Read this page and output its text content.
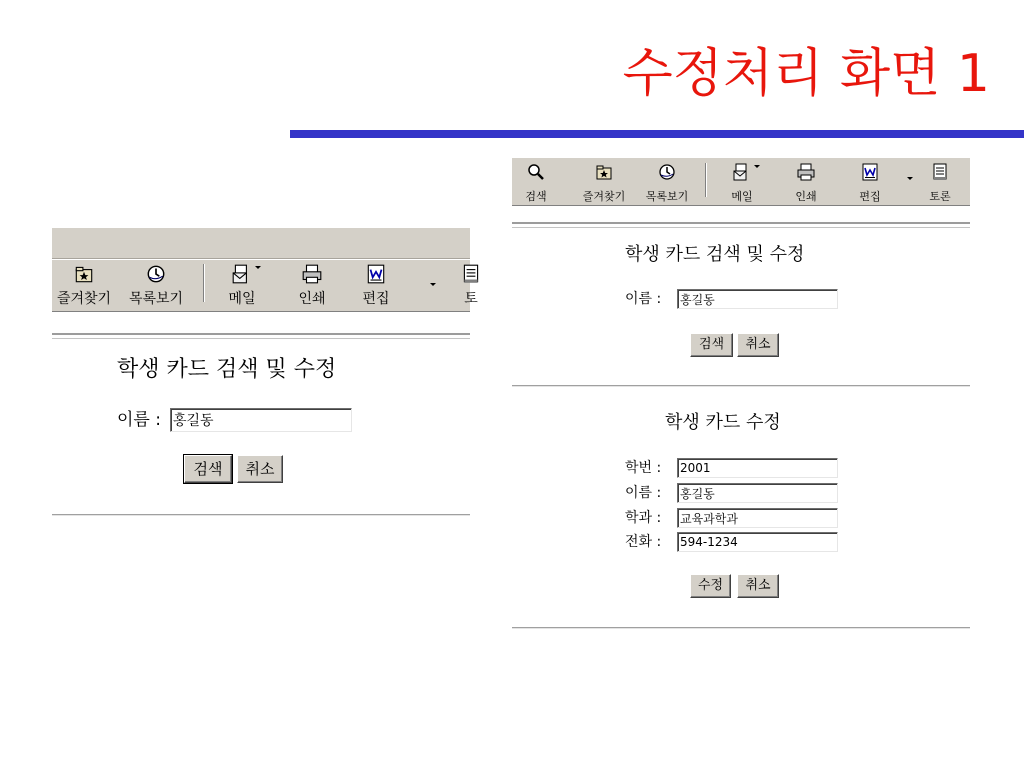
수정처리 화면 1
즐겨찾기	목록보기	메일	인쇄	편집	토
학생 카드 검색 및 수정
이름 :
홍길동
검색	취소
검색	즐겨찾기	목록보기	메일	인쇄	편집	토론
학생 카드 검색 및 수정
이름 :
홍길동
검색	취소
학생 카드 수정
학번 :
2001
이름 :
홍길동
학과 :
교육과학과
전화 :
594-1234
수정	취소
